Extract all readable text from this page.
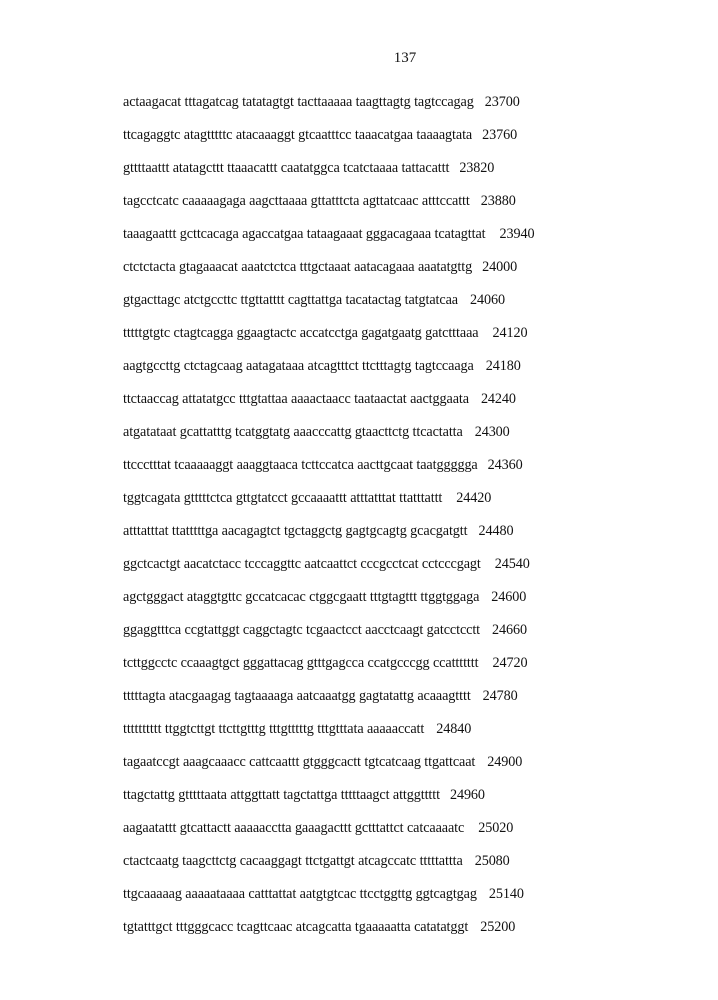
137
actaagacat tttagatcag tatatagtgt tacttaaaaa taagttagtg tagtccagag 23700
ttcagaggtc atagtttttc atacaaaggt gtcaatttcc taaacatgaa taaaagtata 23760
gttttaattt atatagcttt ttaaacattt caatatggca tcatctaaaa tattacattt 23820
tagcctcatc caaaaagaga aagcttaaaa gttatttcta agttatcaac atttccattt 23880
taaagaattt gcttcacaga agaccatgaa tataagaaat gggacagaaa tcatagttat 23940
ctctctacta gtagaaacat aaatctctca tttgctaaat aatacagaaa aaatatgttg 24000
gtgacttagc atctgccttc ttgttatttt cagttattga tacatactag tatgtatcaa 24060
tttttgtgtc ctagtcagga ggaagtactc accatcctga gagatgaatg gatctttaaa 24120
aagtgccttg ctctagcaag aatagataaa atcagtttct ttctttagtg tagtccaaga 24180
ttctaaccag attatatgcc tttgtattaa aaaactaacc taataactat aactggaata 24240
atgatataat gcattatttg tcatggtatg aaacccattg gtaacttctg ttcactatta 24300
ttccctttat tcaaaaaggt aaaggtaaca tcttccatca aacttgcaat taatggggga 24360
tggtcagata gtttttctca gttgtatcct gccaaaattt atttatttat ttatttattt 24420
atttatttat ttatttttga aacagagtct tgctaggctg gagtgcagtg gcacgatgtt 24480
ggctcactgt aacatctacc tcccaggttc aatcaattct cccgcctcat cctcccgagt 24540
agctgggact ataggtgttc gccatcacac ctggcgaatt tttgtagttt ttggtggaga 24600
ggaggtttca ccgtattggt caggctagtc tcgaactcct aacctcaagt gatcctcctt 24660
tcttggcctc ccaaagtgct gggattacag gtttgagcca ccatgcccgg ccattttttt 24720
tttttagta atacgaagag tagtaaaaga aatcaaatgg gagtatattg acaaagtttt 24780
tttttttttt ttggtcttgt ttcttgtttg tttgtttttg tttgtttata aaaaaccatt 24840
tagaatccgt aaagcaaacc cattcaattt gtgggcactt tgtcatcaag ttgattcaat 24900
ttagctattg gtttttaata attggttatt tagctattga tttttaagct attggttttt 24960
aagaatattt gtcattactt aaaaacctta gaaagacttt gctttattct catcaaaatc 25020
ctactcaatg taagcttctg cacaaggagt ttctgattgt atcagccatc tttttattta 25080
ttgcaaaaag aaaaataaaa catttattat aatgtgtcac ttcctggttg ggtcagtgag 25140
tgtatttgct tttgggcacc tcagttcaac atcagcatta tgaaaaatta catatatggt 25200
